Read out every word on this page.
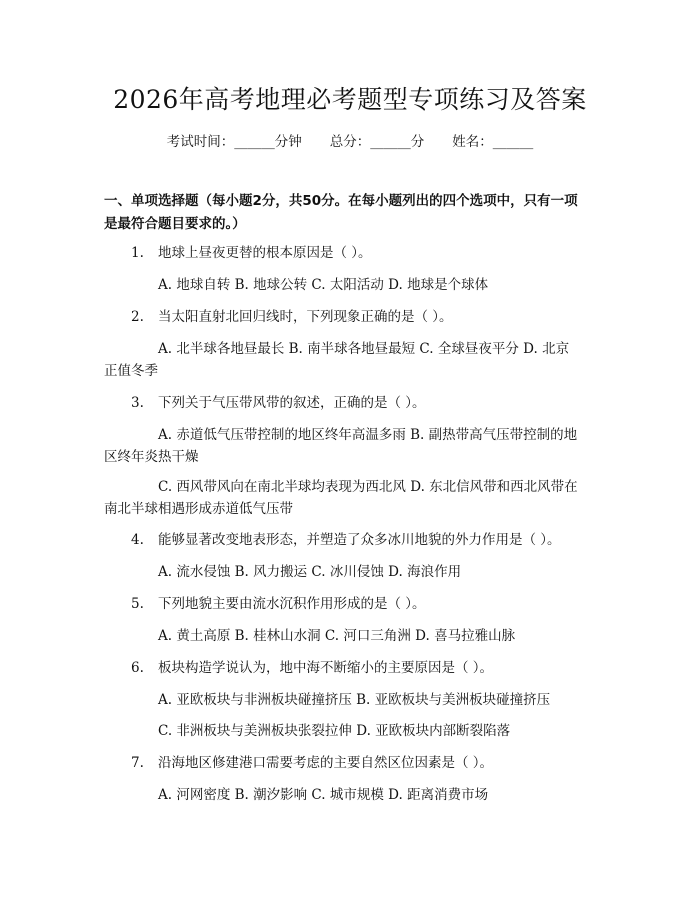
2026年高考地理必考题型专项练习及答案
考试时间：______分钟 总分：______分 姓名：______
一、单项选择题（每小题2分，共50分。在每小题列出的四个选项中，只有一项
是最符合题目要求的。）
1. 地球上昼夜更替的根本原因是（ ）。
A. 地球自转 B. 地球公转 C. 太阳活动 D. 地球是个球体
2. 当太阳直射北回归线时，下列现象正确的是（ ）。
A. 北半球各地昼最长 B. 南半球各地昼最短 C. 全球昼夜平分 D. 北京
正值冬季
3. 下列关于气压带风带的叙述，正确的是（ ）。
A. 赤道低气压带控制的地区终年高温多雨 B. 副热带高气压带控制的地
区终年炎热干燥
C. 西风带风向在南北半球均表现为西北风 D. 东北信风带和西北风带在
南北半球相遇形成赤道低气压带
4. 能够显著改变地表形态，并塑造了众多冰川地貌的外力作用是（ ）。
A. 流水侵蚀 B. 风力搬运 C. 冰川侵蚀 D. 海浪作用
5. 下列地貌主要由流水沉积作用形成的是（ ）。
A. 黄土高原 B. 桂林山水洞 C. 河口三角洲 D. 喜马拉雅山脉
6. 板块构造学说认为，地中海不断缩小的主要原因是（ ）。
A. 亚欧板块与非洲板块碰撞挤压 B. 亚欧板块与美洲板块碰撞挤压
C. 非洲板块与美洲板块张裂拉伸 D. 亚欧板块内部断裂陷落
7. 沿海地区修建港口需要考虑的主要自然区位因素是（ ）。
A. 河网密度 B. 潮汐影响 C. 城市规模 D. 距离消费市场
